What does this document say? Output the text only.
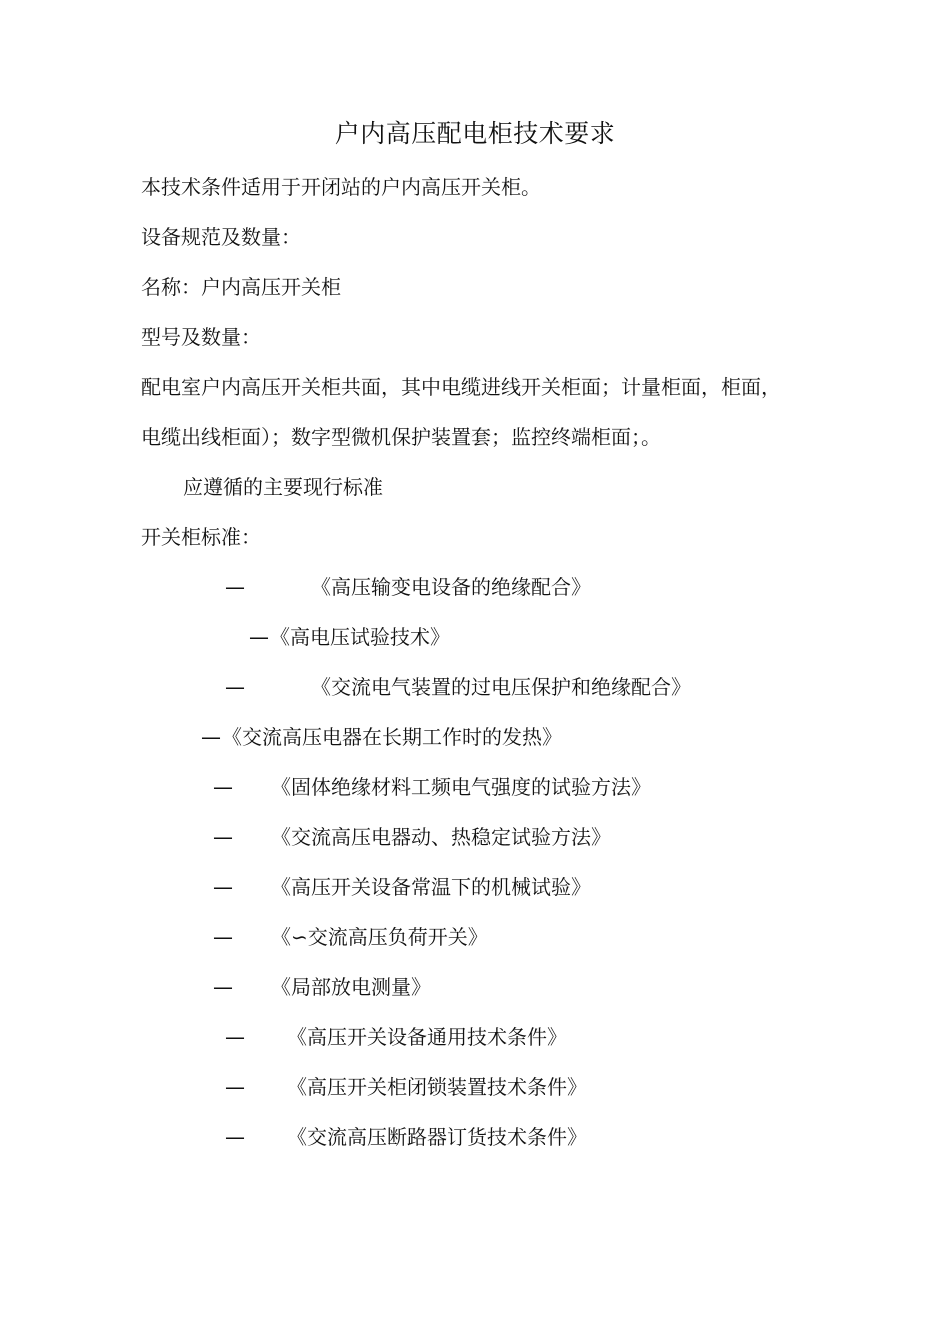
户内高压配电柜技术要求
本技术条件适用于开闭站的户内高压开关柜。
设备规范及数量：
名称：户内高压开关柜
型号及数量：
配电室户内高压开关柜共面，其中电缆进线开关柜面；计量柜面，柜面，
电缆出线柜面）；数字型微机保护装置套；监控终端柜面；。
应遵循的主要现行标准
开关柜标准：
—	《高压输变电设备的绝缘配合》
— 《高电压试验技术》
—	《交流电气装置的过电压保护和绝缘配合》
— 《交流高压电器在长期工作时的发热》
— 《固体绝缘材料工频电气强度的试验方法》
— 《交流高压电器动、热稳定试验方法》
— 《高压开关设备常温下的机械试验》
— 《∽交流高压负荷开关》
— 《局部放电测量》
— 《高压开关设备通用技术条件》
— 《高压开关柜闭锁装置技术条件》
— 《交流高压断路器订货技术条件》
